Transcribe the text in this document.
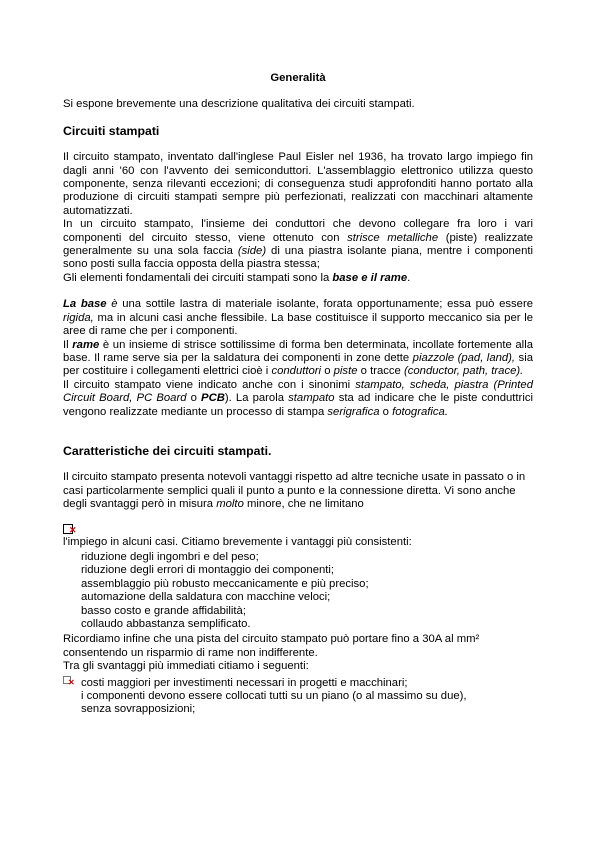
Generalità

Si espone brevemente una descrizione qualitativa dei circuiti stampati.

Circuiti stampati

Il circuito stampato, inventato dall'inglese Paul Eisler nel 1936, ha trovato largo impiego fin dagli anni '60 con l'avvento dei semiconduttori. L'assemblaggio elettronico utilizza questo componente, senza rilevanti eccezioni; di conseguenza studi approfonditi hanno portato alla produzione di circuiti stampati sempre più perfezionati, realizzati con macchinari altamente automatizzati.

In un circuito stampato, l'insieme dei conduttori che devono collegare fra loro i vari componenti del circuito stesso, viene ottenuto con strisce metalliche (piste) realizzate generalmente su una sola faccia (side) di una piastra isolante piana, mentre i componenti sono posti sulla faccia opposta della piastra stessa;

Gli elementi fondamentali dei circuiti stampati sono la base e il rame.

La base è una sottile lastra di materiale isolante, forata opportunamente; essa può essere rigida, ma in alcuni casi anche flessibile. La base costituisce il supporto meccanico sia per le aree di rame che per i componenti.

Il rame è un insieme di strisce sottilissime di forma ben determinata, incollate fortemente alla base. Il rame serve sia per la saldatura dei componenti in zone dette piazzole (pad, land), sia per costituire i collegamenti elettrici cioè i conduttori o piste o tracce (conductor, path, trace).

Il circuito stampato viene indicato anche con i sinonimi stampato, scheda, piastra (Printed Circuit Board, PC Board o PCB). La parola stampato sta ad indicare che le piste conduttrici vengono realizzate mediante un processo di stampa serigrafica o fotografica.

Caratteristiche dei circuiti stampati.

Il circuito stampato presenta notevoli vantaggi rispetto ad altre tecniche usate in passato o in casi particolarmente semplici quali il punto a punto e la connessione diretta. Vi sono anche degli svantaggi però in misura molto minore, che ne limitano

✕

l'impiego in alcuni casi. Citiamo brevemente i vantaggi più consistenti:

riduzione degli ingombri e del peso;
riduzione degli errori di montaggio dei componenti;
assemblaggio più robusto meccanicamente e più preciso;
automazione della saldatura con macchine veloci;
basso costo e grande affidabilità;
collaudo abbastanza semplificato.

Ricordiamo infine che una pista del circuito stampato può portare fino a 30A al mm² consentendo un risparmio di rame non indifferente.

Tra gli svantaggi più immediati citiamo i seguenti:

✕ costi maggiori per investimenti necessari in progetti e macchinari;
i componenti devono essere collocati tutti su un piano (o al massimo su due),
senza sovrapposizioni;
